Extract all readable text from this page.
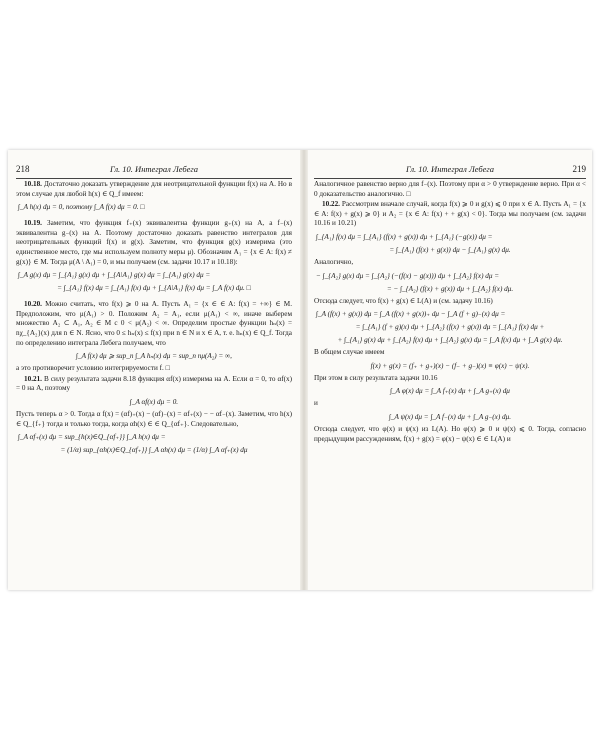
218	Гл. 10. Интеграл Лебега

10.18. Достаточно доказать утверждение для неотрицательной функции f(x) на A. Но в этом случае для любой h(x) ∈ Q_f имеем:

∫_A h(x) dμ = 0, поэтому ∫_A f(x) dμ = 0. □

10.19. Заметим, что функция f₊(x) эквивалентна функции g₊(x) на A, а f₋(x) эквивалентна g₋(x) на A. Поэтому достаточно доказать равенство интегралов для неотрицательных функций f(x) и g(x). Заметим, что функция g(x) измерима (это единственное место, где мы используем полноту меры μ). Обозначим A₁ = {x ∈ A: f(x) ≠ g(x)} ∈ M. Тогда μ(A \ A₁) = 0, и мы получаем (см. задачи 10.17 и 10.18):

∫_A g(x) dμ = ∫_{A₁} g(x) dμ + ∫_{A\A₁} g(x) dμ = ∫_{A₁} g(x) dμ =
= ∫_{A₁} f(x) dμ = ∫_{A₁} f(x) dμ + ∫_{A\A₁} f(x) dμ = ∫_A f(x) dμ. □

10.20. Можно считать, что f(x) ⩾ 0 на A. Пусть A₁ = {x ∈ ∈ A: f(x) = +∞} ∈ M. Предположим, что μ(A₁) > 0. Положим A₂ = A₁, если μ(A₁) < ∞, иначе выберем множество A₂ ⊂ A₁, A₂ ∈ M с 0 < μ(A₂) < ∞. Определим простые функции hₙ(x) = nχ_{A₂}(x) для n ∈ N. Ясно, что 0 ≤ hₙ(x) ≤ f(x) при n ∈ N и x ∈ A, т. е. hₙ(x) ∈ Q_f. Тогда по определению интеграла Лебега получаем, что

∫_A f(x) dμ ⩾ sup_n ∫_A hₙ(x) dμ = sup_n nμ(A₂) = ∞,

а это противоречит условию интегрируемости f. □

10.21. В силу результата задачи 8.18 функция αf(x) измерима на A. Если α = 0, то αf(x) = 0 на A, поэтому

∫_A αf(x) dμ = 0.

Пусть теперь α > 0. Тогда α f(x) = (αf)₊(x) − (αf)₋(x) = αf₊(x) − − αf₋(x). Заметим, что h(x) ∈ Q_{f₊} тогда и только тогда, когда αh(x) ∈ ∈ Q_{αf₊}. Следовательно,

∫_A αf₊(x) dμ = sup_{h(x)∈Q_{αf₊}} ∫_A h(x) dμ =
= (1/α) sup_{αh(x)∈Q_{αf₊}} ∫_A αh(x) dμ = (1/α) ∫_A αf₊(x) dμ
Гл. 10. Интеграл Лебега	219

Аналогичное равенство верно для f₋(x). Поэтому при α > 0 утверждение верно. При α < 0 доказательство аналогично. □

10.22. Рассмотрим вначале случай, когда f(x) ⩾ 0 и g(x) ⩽ 0 при x ∈ A. Пусть A₁ = {x ∈ A: f(x) + g(x) ⩾ 0} и A₂ = {x ∈ A: f(x) + + g(x) < 0}. Тогда мы получаем (см. задачи 10.16 и 10.21)

∫_{A₁} f(x) dμ = ∫_{A₁} (f(x) + g(x)) dμ + ∫_{A₁} (−g(x)) dμ =
= ∫_{A₁} (f(x) + g(x)) dμ − ∫_{A₁} g(x) dμ.

Аналогично,

− ∫_{A₂} g(x) dμ = ∫_{A₂} (−(f(x) − g(x))) dμ + ∫_{A₂} f(x) dμ =
= − ∫_{A₂} (f(x) + g(x)) dμ + ∫_{A₂} f(x) dμ.

Отсюда следует, что f(x) + g(x) ∈ L(A) и (см. задачу 10.16)

∫_A (f(x) + g(x)) dμ = ∫_A (f(x) + g(x))₊ dμ − ∫_A (f + g)₋(x) dμ =
= ∫_{A₁} (f + g)(x) dμ + ∫_{A₂} (f(x) + g(x)) dμ = ∫_{A₁} f(x) dμ +
+ ∫_{A₁} g(x) dμ + ∫_{A₂} f(x) dμ + ∫_{A₂} g(x) dμ = ∫_A f(x) dμ + ∫_A g(x) dμ.

В общем случае имеем

f(x) + g(x) = (f₊ + g₊)(x) − (f₋ + g₋)(x) ≡ φ(x) − ψ(x).

При этом в силу результата задачи 10.16

∫_A φ(x) dμ = ∫_A f₊(x) dμ + ∫_A g₊(x) dμ

и

∫_A ψ(x) dμ = ∫_A f₋(x) dμ + ∫_A g₋(x) dμ.

Отсюда следует, что φ(x) и ψ(x) из L(A). Но φ(x) ⩾ 0 и ψ(x) ⩽ 0. Тогда, согласно предыдущим рассуждениям, f(x) + g(x) = φ(x) − ψ(x) ∈ ∈ L(A) и
